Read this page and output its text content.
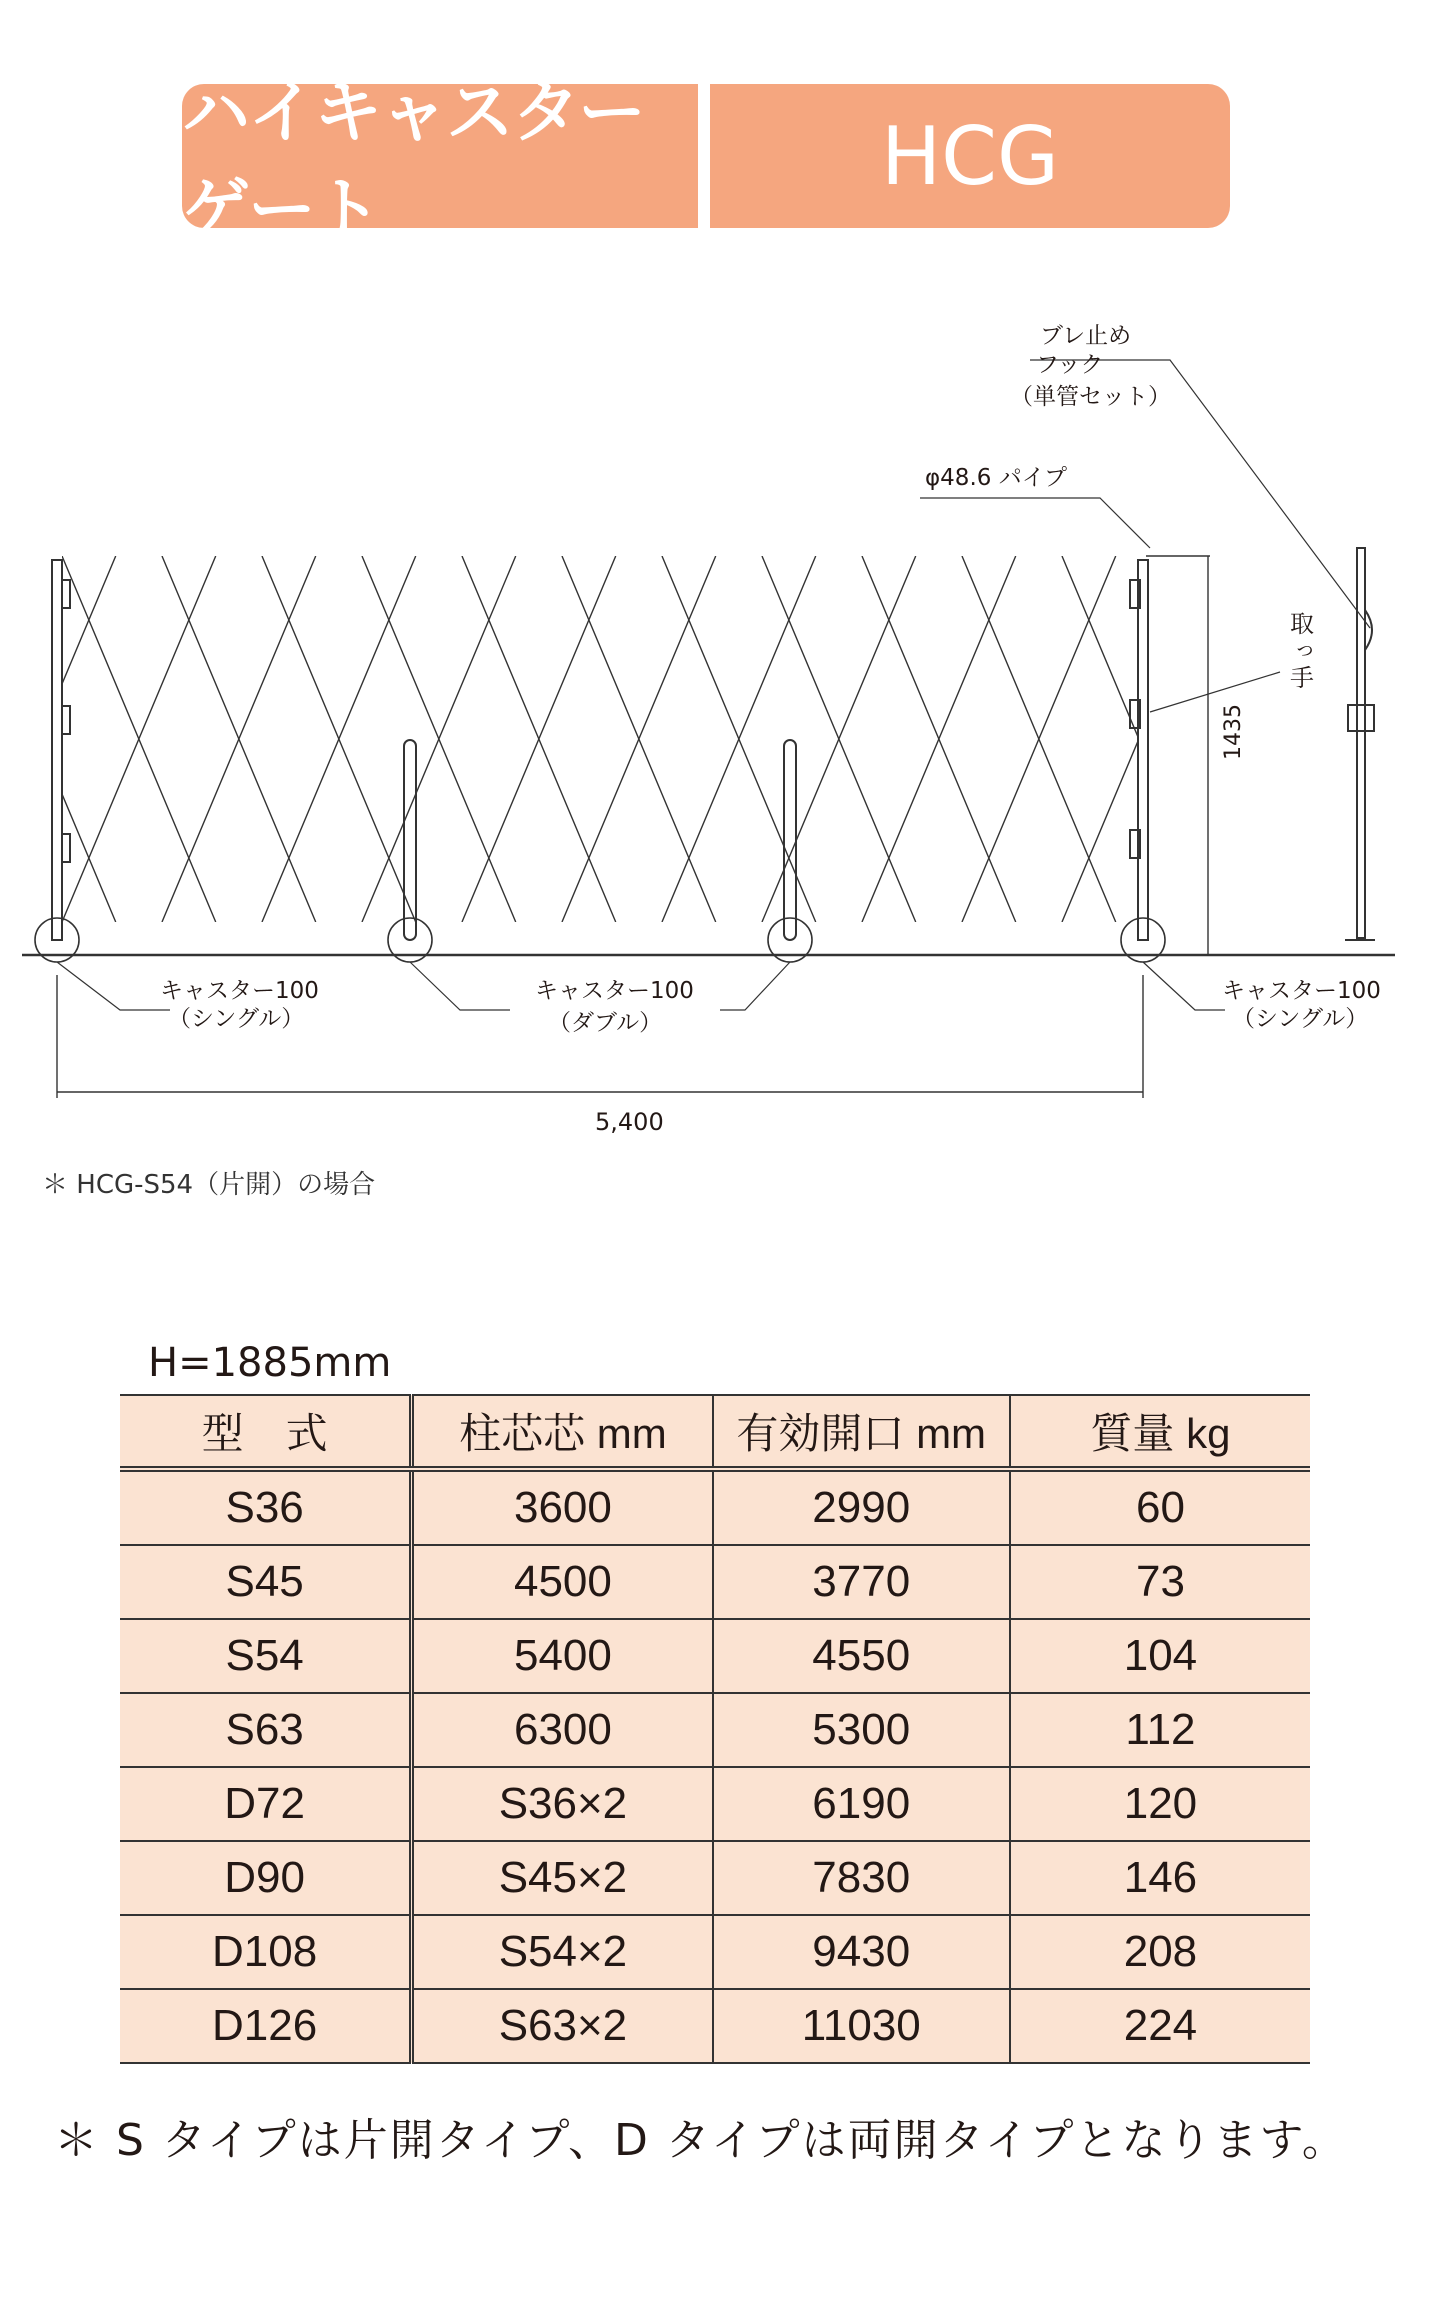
ハイキャスターゲート
HCG
1435
5,400
ブレ止め
フック
（単管セット）
φ48.6 パイプ
取
っ
手
キャスター100
（シングル）
キャスター100
（ダブル）
キャスター100
（シングル）
＊ HCG-S54（片開）の場合
H=1885mm
型　式	柱芯芯 mm	有効開口 mm	質量 kg
S36	3600	2990	60
S45	4500	3770	73
S54	5400	4550	104
S63	6300	5300	112
D72	S36×2	6190	120
D90	S45×2	7830	146
D108	S54×2	9430	208
D126	S63×2	11030	224
＊ S タイプは片開タイプ、D タイプは両開タイプとなります。
